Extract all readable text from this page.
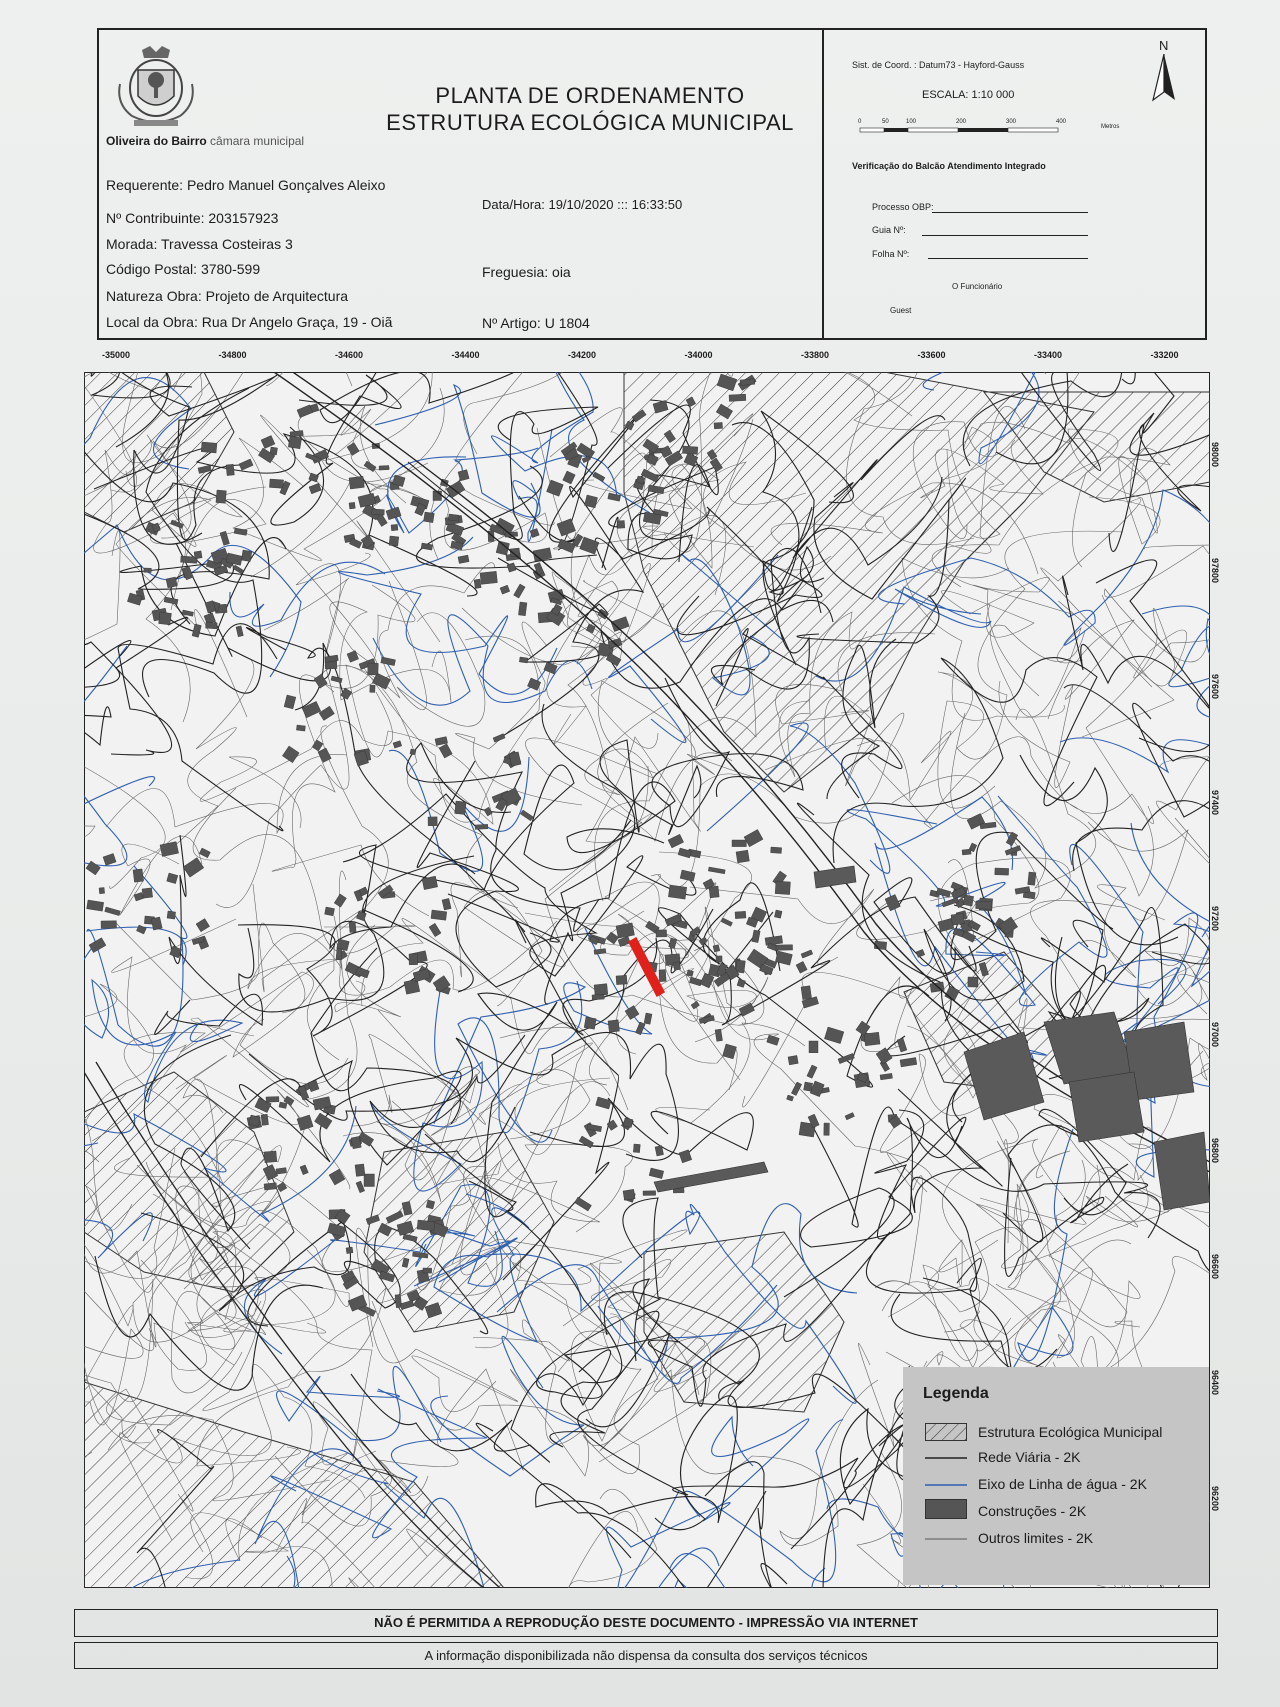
Oliveira do Bairro câmara municipal
PLANTA DE ORDENAMENTO
ESTRUTURA ECOLÓGICA MUNICIPAL
Requerente: Pedro Manuel Gonçalves Aleixo
Nº Contribuinte: 203157923
Morada: Travessa Costeiras 3
Código Postal: 3780-599
Natureza Obra: Projeto de Arquitectura
Local da Obra: Rua Dr Angelo Graça, 19 - Oiã
Data/Hora: 19/10/2020 ::: 16:33:50
Freguesia: oia
Nº Artigo: U 1804
Sist. de Coord. : Datum73 - Hayford-Gauss
N
ESCALA: 1:10 000
0	50	100	200	300	400
Metros
Verificação do Balcão Atendimento Integrado
Processo OBP:
Guia Nº:
Folha Nº:
O Funcionário
Guest
-35000	-34800	-34600	-34400	-34200	-34000	-33800	-33600	-33400	-33200
98000
97800
97600
97400
97200
97000
96800
96600
96400
96200
Legenda
Estrutura Ecológica Municipal
Rede Viária - 2K
Eixo de Linha de água - 2K
Construções - 2K
Outros limites - 2K
NÃO É PERMITIDA A REPRODUÇÃO DESTE DOCUMENTO - IMPRESSÃO VIA INTERNET
A informação disponibilizada não dispensa da consulta dos serviços técnicos
